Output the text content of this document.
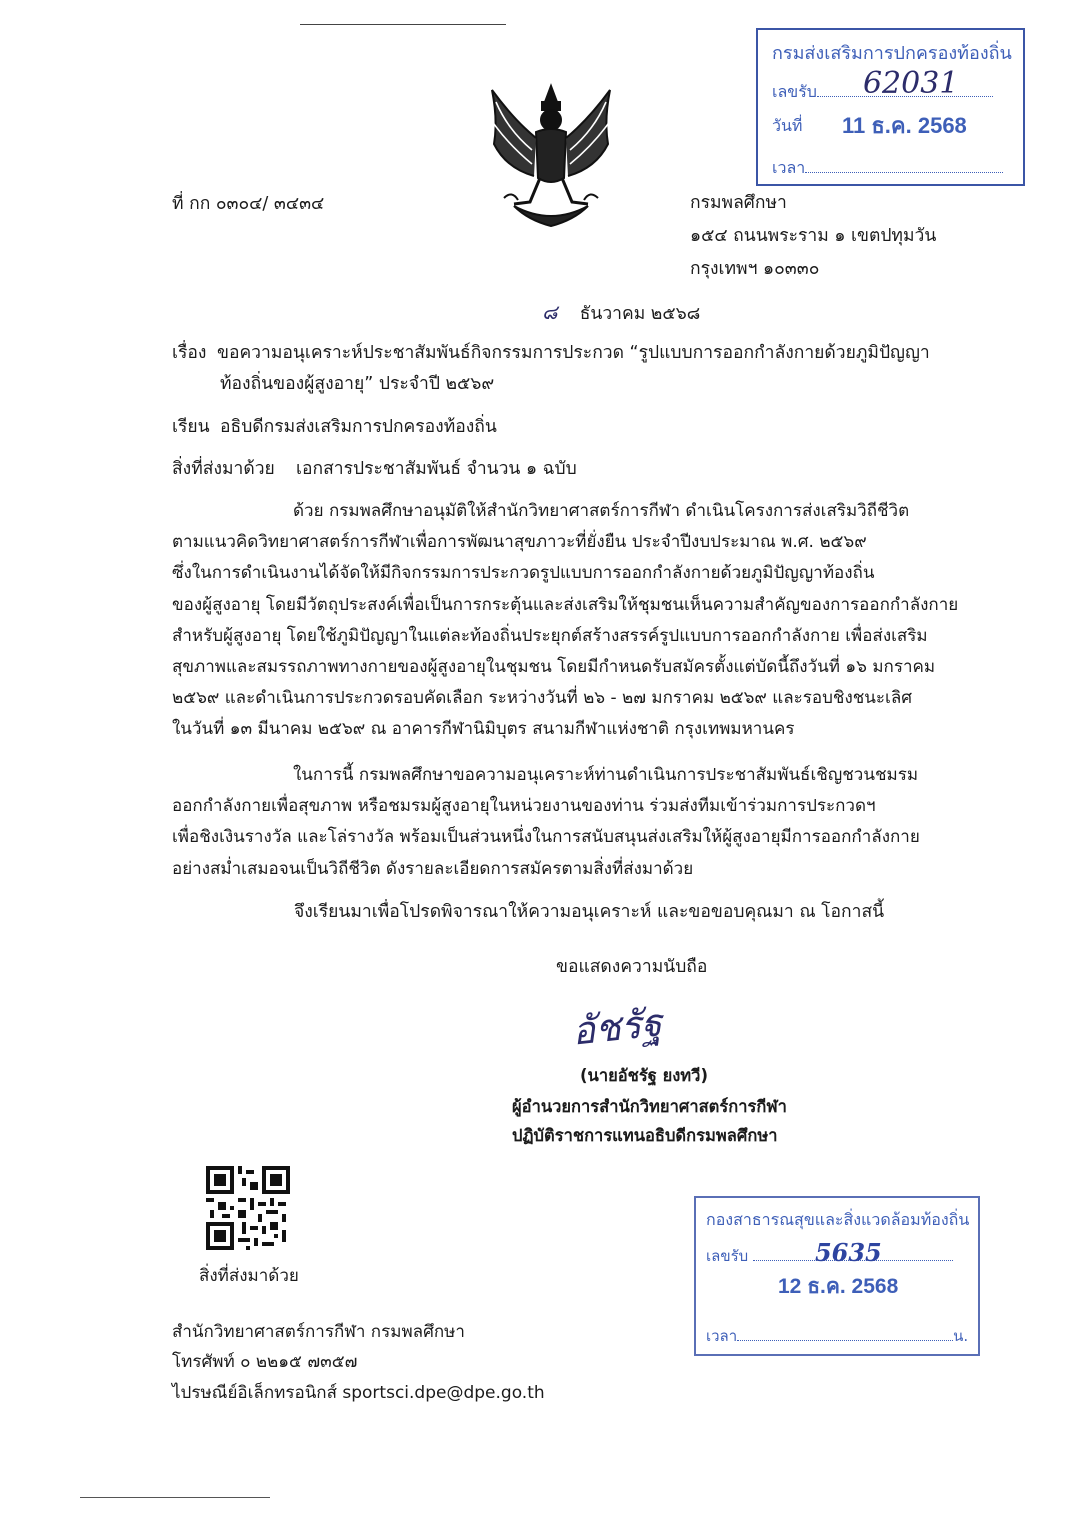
กรมส่งเสริมการปกครองท้องถิ่น
เลขรับ 62031
วันที่ 11 ธ.ค. 2568
เวลา
ที่ กก ๐๓๐๔/ ๓๔๓๔	กรมพลศึกษา
๑๕๔ ถนนพระราม ๑ เขตปทุมวัน
กรุงเทพฯ ๑๐๓๓๐
๘ ธันวาคม ๒๕๖๘
เรื่อง ขอความอนุเคราะห์ประชาสัมพันธ์กิจกรรมการประกวด “รูปแบบการออกกำลังกายด้วยภูมิปัญญา
ท้องถิ่นของผู้สูงอายุ” ประจำปี ๒๕๖๙
เรียน อธิบดีกรมส่งเสริมการปกครองท้องถิ่น
สิ่งที่ส่งมาด้วย เอกสารประชาสัมพันธ์ จำนวน ๑ ฉบับ

ด้วย กรมพลศึกษาอนุมัติให้สำนักวิทยาศาสตร์การกีฬา ดำเนินโครงการส่งเสริมวิถีชีวิต

ตามแนวคิดวิทยาศาสตร์การกีฬาเพื่อการพัฒนาสุขภาวะที่ยั่งยืน ประจำปีงบประมาณ พ.ศ. ๒๕๖๙

ซึ่งในการดำเนินงานได้จัดให้มีกิจกรรมการประกวดรูปแบบการออกกำลังกายด้วยภูมิปัญญาท้องถิ่น

ของผู้สูงอายุ โดยมีวัตถุประสงค์เพื่อเป็นการกระตุ้นและส่งเสริมให้ชุมชนเห็นความสำคัญของการออกกำลังกาย

สำหรับผู้สูงอายุ โดยใช้ภูมิปัญญาในแต่ละท้องถิ่นประยุกต์สร้างสรรค์รูปแบบการออกกำลังกาย เพื่อส่งเสริม

สุขภาพและสมรรถภาพทางกายของผู้สูงอายุในชุมชน โดยมีกำหนดรับสมัครตั้งแต่บัดนี้ถึงวันที่ ๑๖ มกราคม

๒๕๖๙ และดำเนินการประกวดรอบคัดเลือก ระหว่างวันที่ ๒๖ - ๒๗ มกราคม ๒๕๖๙ และรอบชิงชนะเลิศ

ในวันที่ ๑๓ มีนาคม ๒๕๖๙ ณ อาคารกีฬานิมิบุตร สนามกีฬาแห่งชาติ กรุงเทพมหานคร

ในการนี้ กรมพลศึกษาขอความอนุเคราะห์ท่านดำเนินการประชาสัมพันธ์เชิญชวนชมรม

ออกกำลังกายเพื่อสุขภาพ หรือชมรมผู้สูงอายุในหน่วยงานของท่าน ร่วมส่งทีมเข้าร่วมการประกวดฯ

เพื่อชิงเงินรางวัล และโล่รางวัล พร้อมเป็นส่วนหนึ่งในการสนับสนุนส่งเสริมให้ผู้สูงอายุมีการออกกำลังกาย

อย่างสม่ำเสมอจนเป็นวิถีชีวิต ดังรายละเอียดการสมัครตามสิ่งที่ส่งมาด้วย

จึงเรียนมาเพื่อโปรดพิจารณาให้ความอนุเคราะห์ และขอขอบคุณมา ณ โอกาสนี้
ขอแสดงความนับถือ
อัชรัฐ
(นายอัชรัฐ ยงทวี)
ผู้อำนวยการสำนักวิทยาศาสตร์การกีฬา
ปฏิบัติราชการแทนอธิบดีกรมพลศึกษา
สิ่งที่ส่งมาด้วย
กองสาธารณสุขและสิ่งแวดล้อมท้องถิ่น
เลขรับ	5635
12 ธ.ค. 2568
เวลา	น.
สำนักวิทยาศาสตร์การกีฬา กรมพลศึกษา
โทรศัพท์ ๐ ๒๒๑๕ ๗๓๕๗
ไปรษณีย์อิเล็กทรอนิกส์ sportsci.dpe@dpe.go.th
